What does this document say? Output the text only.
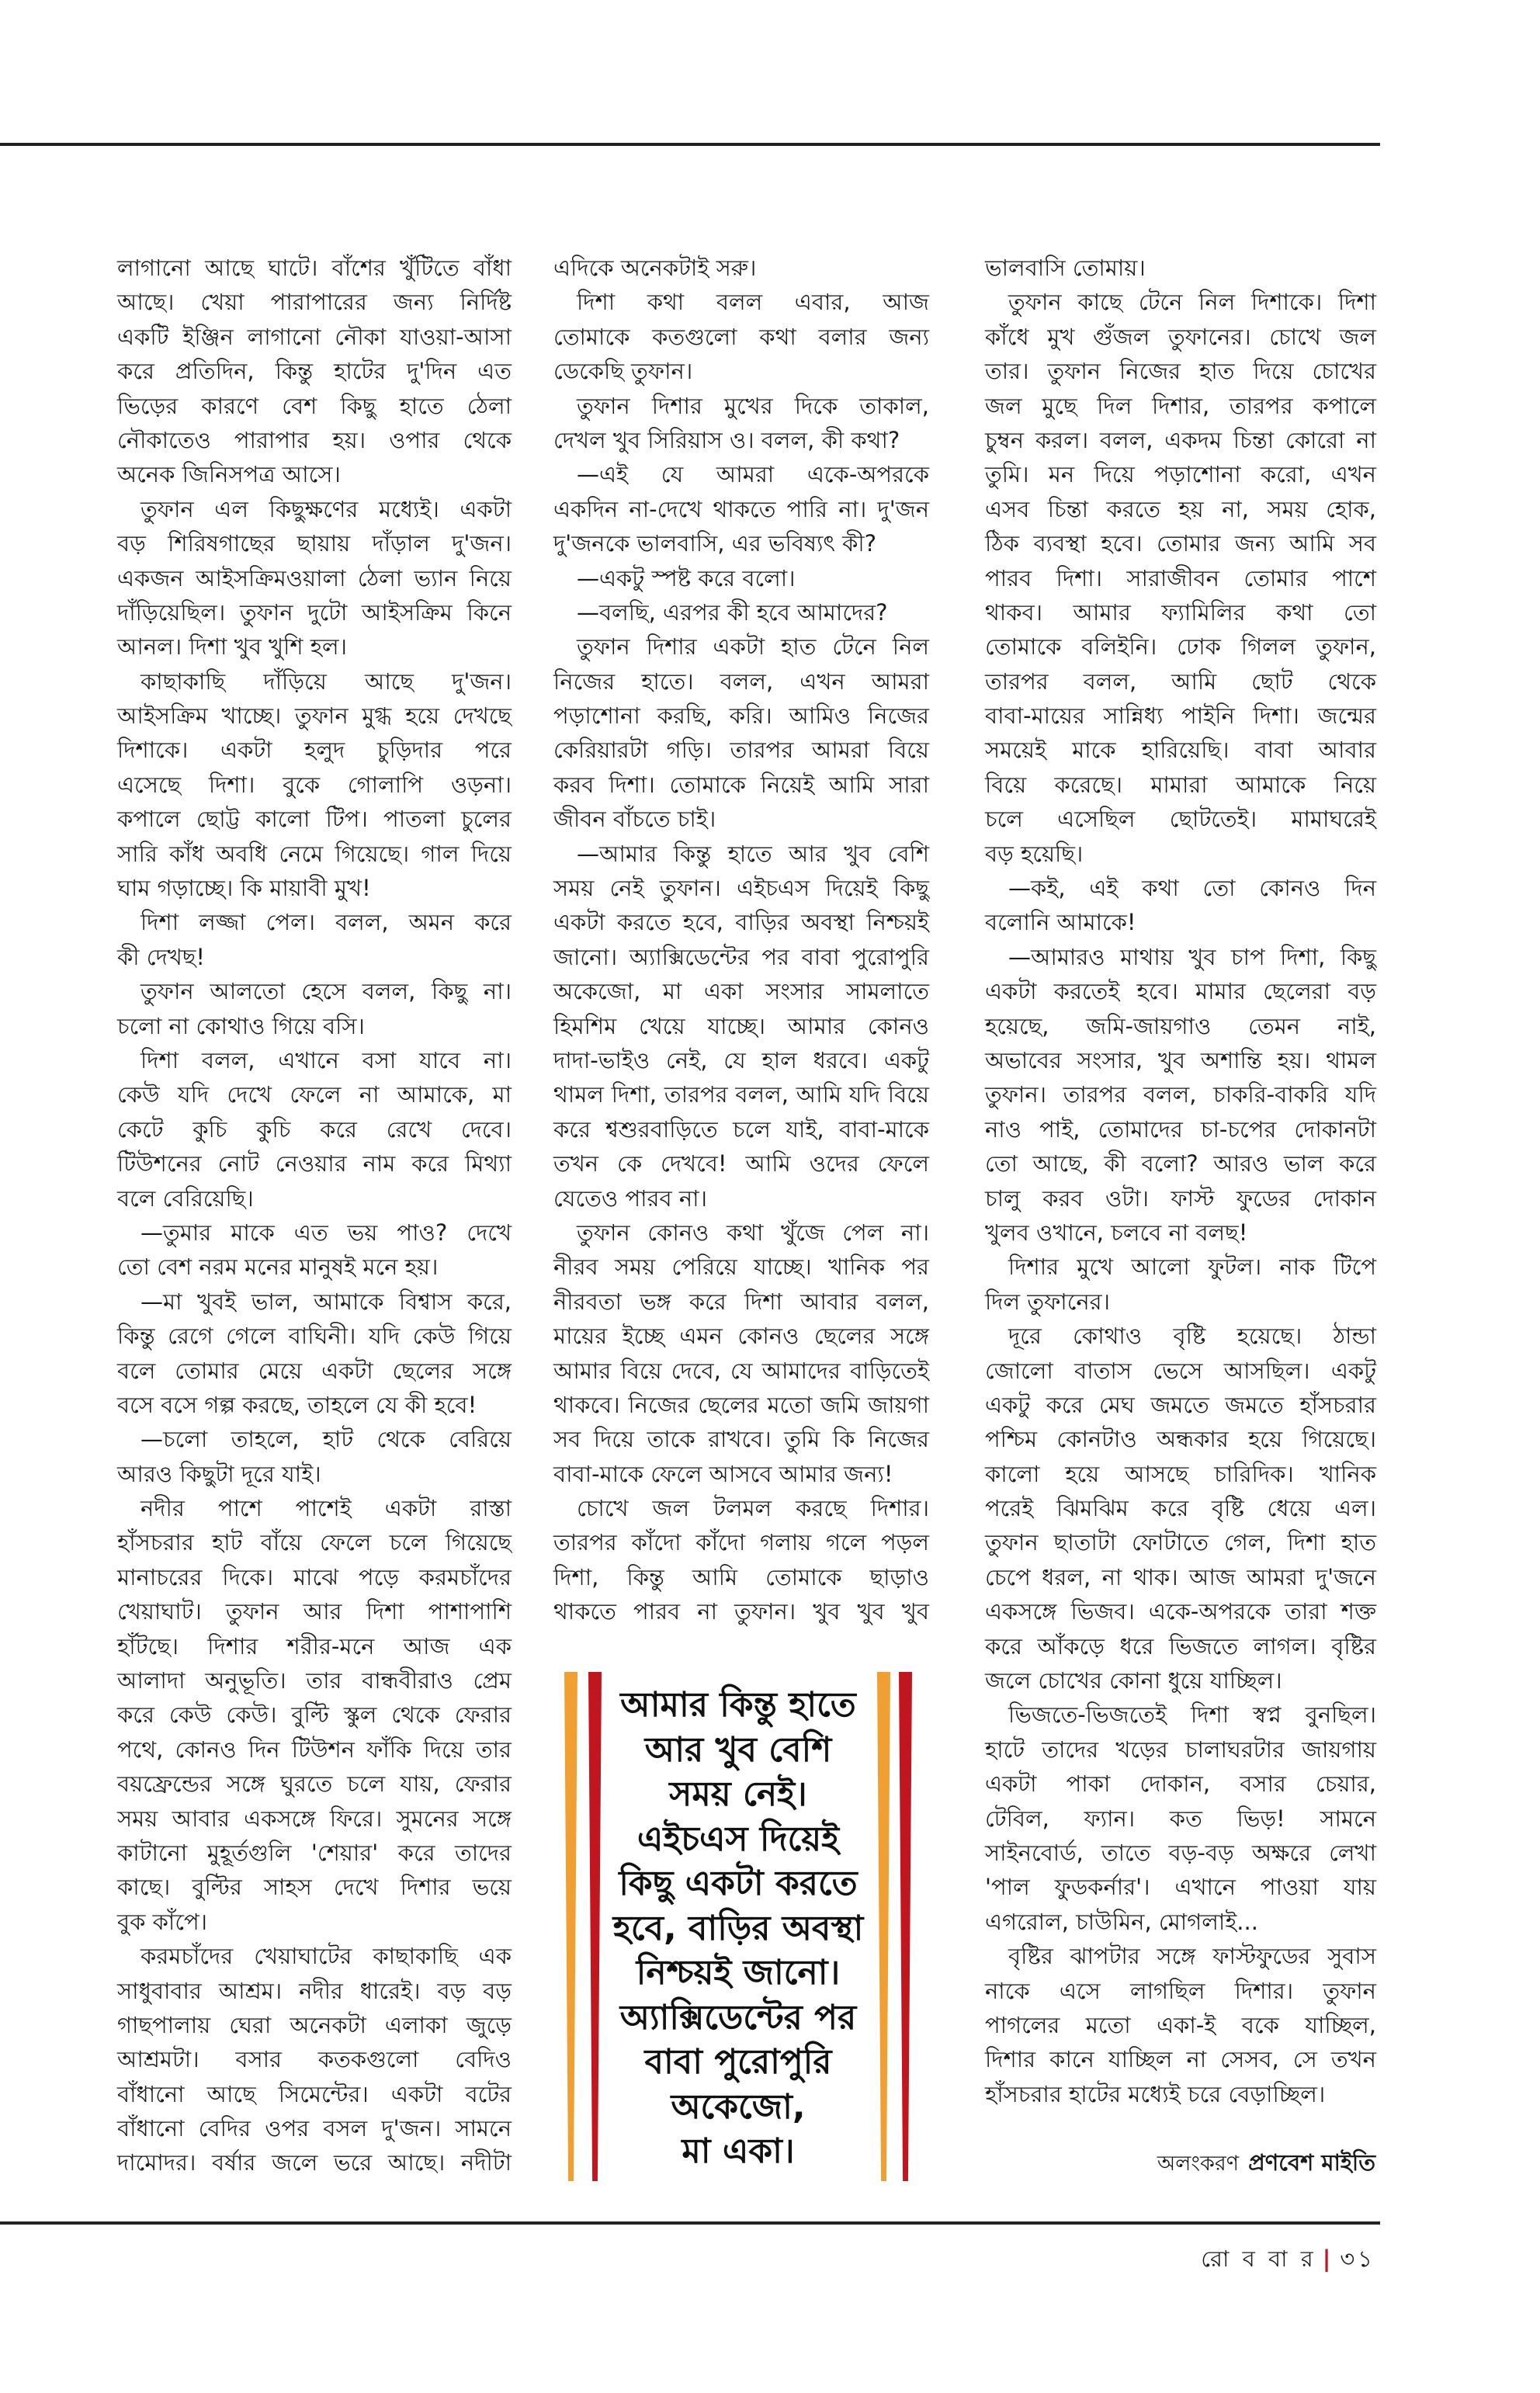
লাগানো আছে ঘাটে। বাঁশের খুঁটিতে বাঁধা
আছে। খেয়া পারাপারের জন্য নির্দিষ্ট
একটি ইঞ্জিন লাগানো নৌকা যাওয়া-আসা
করে প্রতিদিন, কিন্তু হাটের দু'দিন এত
ভিড়ের কারণে বেশ কিছু হাতে ঠেলা
নৌকাতেও পারাপার হয়। ওপার থেকে
অনেক জিনিসপত্র আসে।
তুফান এল কিছুক্ষণের মধ্যেই। একটা
বড় শিরিষগাছের ছায়ায় দাঁড়াল দু'জন।
একজন আইসক্রিমওয়ালা ঠেলা ভ্যান নিয়ে
দাঁড়িয়েছিল। তুফান দুটো আইসক্রিম কিনে
আনল। দিশা খুব খুশি হল।
কাছাকাছি দাঁড়িয়ে আছে দু'জন।
আইসক্রিম খাচ্ছে। তুফান মুগ্ধ হয়ে দেখছে
দিশাকে। একটা হলুদ চুড়িদার পরে
এসেছে দিশা। বুকে গোলাপি ওড়না।
কপালে ছোট্ট কালো টিপ। পাতলা চুলের
সারি কাঁধ অবধি নেমে গিয়েছে। গাল দিয়ে
ঘাম গড়াচ্ছে। কি মায়াবী মুখ!
দিশা লজ্জা পেল। বলল, অমন করে
কী দেখছ!
তুফান আলতো হেসে বলল, কিছু না।
চলো না কোথাও গিয়ে বসি।
দিশা বলল, এখানে বসা যাবে না।
কেউ যদি দেখে ফেলে না আমাকে, মা
কেটে কুচি কুচি করে রেখে দেবে।
টিউশনের নোট নেওয়ার নাম করে মিথ্যা
বলে বেরিয়েছি।
—তুমার মাকে এত ভয় পাও? দেখে
তো বেশ নরম মনের মানুষই মনে হয়।
—মা খুবই ভাল, আমাকে বিশ্বাস করে,
কিন্তু রেগে গেলে বাঘিনী। যদি কেউ গিয়ে
বলে তোমার মেয়ে একটা ছেলের সঙ্গে
বসে বসে গল্প করছে, তাহলে যে কী হবে!
—চলো তাহলে, হাট থেকে বেরিয়ে
আরও কিছুটা দূরে যাই।
নদীর পাশে পাশেই একটা রাস্তা
হাঁসচরার হাট বাঁয়ে ফেলে চলে গিয়েছে
মানাচরের দিকে। মাঝে পড়ে করমচাঁদের
খেয়াঘাট। তুফান আর দিশা পাশাপাশি
হাঁটছে। দিশার শরীর-মনে আজ এক
আলাদা অনুভূতি। তার বান্ধবীরাও প্রেম
করে কেউ কেউ। বুল্টি স্কুল থেকে ফেরার
পথে, কোনও দিন টিউশন ফাঁকি দিয়ে তার
বয়ফ্রেন্ডের সঙ্গে ঘুরতে চলে যায়, ফেরার
সময় আবার একসঙ্গে ফিরে। সুমনের সঙ্গে
কাটানো মুহূর্তগুলি 'শেয়ার' করে তাদের
কাছে। বুল্টির সাহস দেখে দিশার ভয়ে
বুক কাঁপে।
করমচাঁদের খেয়াঘাটের কাছাকাছি এক
সাধুবাবার আশ্রম। নদীর ধারেই। বড় বড়
গাছপালায় ঘেরা অনেকটা এলাকা জুড়ে
আশ্রমটা। বসার কতকগুলো বেদিও
বাঁধানো আছে সিমেন্টের। একটা বটের
বাঁধানো বেদির ওপর বসল দু'জন। সামনে
দামোদর। বর্ষার জলে ভরে আছে। নদীটা
এদিকে অনেকটাই সরু।
দিশা কথা বলল এবার, আজ
তোমাকে কতগুলো কথা বলার জন্য
ডেকেছি তুফান।
তুফান দিশার মুখের দিকে তাকাল,
দেখল খুব সিরিয়াস ও। বলল, কী কথা?
—এই যে আমরা একে-অপরকে
একদিন না-দেখে থাকতে পারি না। দু'জন
দু'জনকে ভালবাসি, এর ভবিষ্যৎ কী?
—একটু স্পষ্ট করে বলো।
—বলছি, এরপর কী হবে আমাদের?
তুফান দিশার একটা হাত টেনে নিল
নিজের হাতে। বলল, এখন আমরা
পড়াশোনা করছি, করি। আমিও নিজের
কেরিয়ারটা গড়ি। তারপর আমরা বিয়ে
করব দিশা। তোমাকে নিয়েই আমি সারা
জীবন বাঁচতে চাই।
—আমার কিন্তু হাতে আর খুব বেশি
সময় নেই তুফান। এইচএস দিয়েই কিছু
একটা করতে হবে, বাড়ির অবস্থা নিশ্চয়ই
জানো। অ্যাক্সিডেন্টের পর বাবা পুরোপুরি
অকেজো, মা একা সংসার সামলাতে
হিমশিম খেয়ে যাচ্ছে। আমার কোনও
দাদা-ভাইও নেই, যে হাল ধরবে। একটু
থামল দিশা, তারপর বলল, আমি যদি বিয়ে
করে শ্বশুরবাড়িতে চলে যাই, বাবা-মাকে
তখন কে দেখবে! আমি ওদের ফেলে
যেতেও পারব না।
তুফান কোনও কথা খুঁজে পেল না।
নীরব সময় পেরিয়ে যাচ্ছে। খানিক পর
নীরবতা ভঙ্গ করে দিশা আবার বলল,
মায়ের ইচ্ছে এমন কোনও ছেলের সঙ্গে
আমার বিয়ে দেবে, যে আমাদের বাড়িতেই
থাকবে। নিজের ছেলের মতো জমি জায়গা
সব দিয়ে তাকে রাখবে। তুমি কি নিজের
বাবা-মাকে ফেলে আসবে আমার জন্য!
চোখে জল টলমল করছে দিশার।
তারপর কাঁদো কাঁদো গলায় গলে পড়ল
দিশা, কিন্তু আমি তোমাকে ছাড়াও
থাকতে পারব না তুফান। খুব খুব খুব
ভালবাসি তোমায়।
তুফান কাছে টেনে নিল দিশাকে। দিশা
কাঁধে মুখ গুঁজল তুফানের। চোখে জল
তার। তুফান নিজের হাত দিয়ে চোখের
জল মুছে দিল দিশার, তারপর কপালে
চুম্বন করল। বলল, একদম চিন্তা কোরো না
তুমি। মন দিয়ে পড়াশোনা করো, এখন
এসব চিন্তা করতে হয় না, সময় হোক,
ঠিক ব্যবস্থা হবে। তোমার জন্য আমি সব
পারব দিশা। সারাজীবন তোমার পাশে
থাকব। আমার ফ্যামিলির কথা তো
তোমাকে বলিইনি। ঢোক গিলল তুফান,
তারপর বলল, আমি ছোট থেকে
বাবা-মায়ের সান্নিধ্য পাইনি দিশা। জন্মের
সময়েই মাকে হারিয়েছি। বাবা আবার
বিয়ে করেছে। মামারা আমাকে নিয়ে
চলে এসেছিল ছোটতেই। মামাঘরেই
বড় হয়েছি।
—কই, এই কথা তো কোনও দিন
বলোনি আমাকে!
—আমারও মাথায় খুব চাপ দিশা, কিছু
একটা করতেই হবে। মামার ছেলেরা বড়
হয়েছে, জমি-জায়গাও তেমন নাই,
অভাবের সংসার, খুব অশান্তি হয়। থামল
তুফান। তারপর বলল, চাকরি-বাকরি যদি
নাও পাই, তোমাদের চা-চপের দোকানটা
তো আছে, কী বলো? আরও ভাল করে
চালু করব ওটা। ফাস্ট ফুডের দোকান
খুলব ওখানে, চলবে না বলছ!
দিশার মুখে আলো ফুটল। নাক টিপে
দিল তুফানের।
দূরে কোথাও বৃষ্টি হয়েছে। ঠান্ডা
জোলো বাতাস ভেসে আসছিল। একটু
একটু করে মেঘ জমতে জমতে হাঁসচরার
পশ্চিম কোনটাও অন্ধকার হয়ে গিয়েছে।
কালো হয়ে আসছে চারিদিক। খানিক
পরেই ঝিমঝিম করে বৃষ্টি ধেয়ে এল।
তুফান ছাতাটা ফোটাতে গেল, দিশা হাত
চেপে ধরল, না থাক। আজ আমরা দু'জনে
একসঙ্গে ভিজব। একে-অপরকে তারা শক্ত
করে আঁকড়ে ধরে ভিজতে লাগল। বৃষ্টির
জলে চোখের কোনা ধুয়ে যাচ্ছিল।
ভিজতে-ভিজতেই দিশা স্বপ্ন বুনছিল।
হাটে তাদের খড়ের চালাঘরটার জায়গায়
একটা পাকা দোকান, বসার চেয়ার,
টেবিল, ফ্যান। কত ভিড়! সামনে
সাইনবোর্ড, তাতে বড়-বড় অক্ষরে লেখা
'পাল ফুডকর্নার'। এখানে পাওয়া যায়
এগরোল, চাউমিন, মোগলাই...
বৃষ্টির ঝাপটার সঙ্গে ফাস্টফুডের সুবাস
নাকে এসে লাগছিল দিশার। তুফান
পাগলের মতো একা-ই বকে যাচ্ছিল,
দিশার কানে যাচ্ছিল না সেসব, সে তখন
হাঁসচরার হাটের মধ্যেই চরে বেড়াচ্ছিল।
আমার কিন্তু হাতে
আর খুব বেশি
সময় নেই।
এইচএস দিয়েই
কিছু একটা করতে
হবে, বাড়ির অবস্থা
নিশ্চয়ই জানো।
অ্যাক্সিডেন্টের পর
বাবা পুরোপুরি
অকেজো,
মা একা।	অলংকরণ প্রণবেশ মাইতি
রো ব বা র | ৩১
